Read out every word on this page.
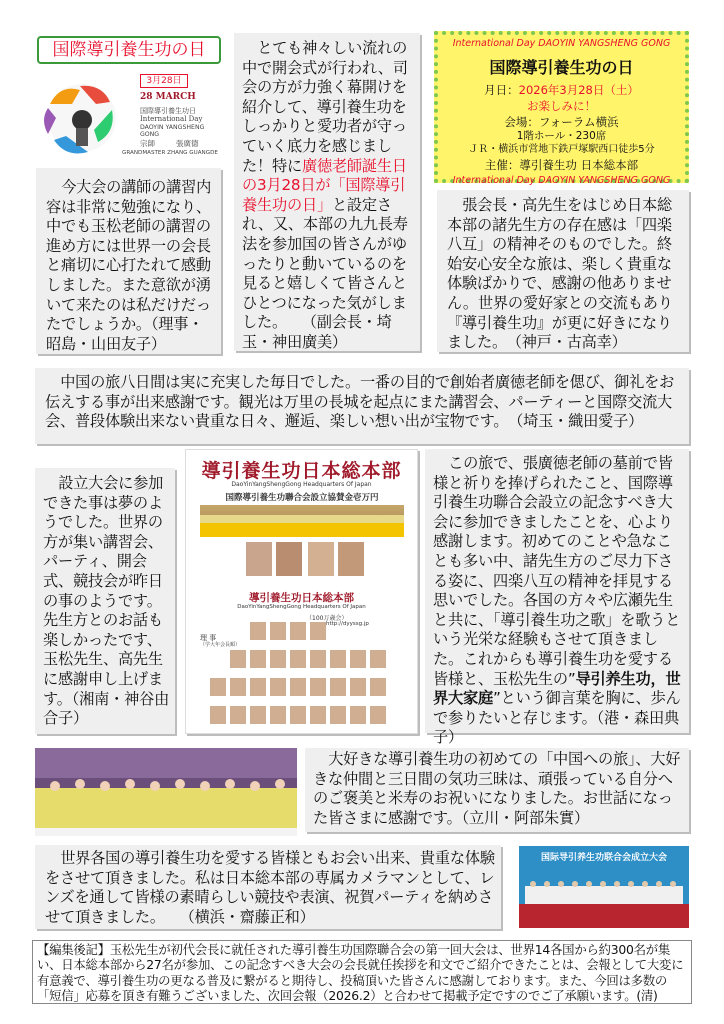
国際導引養生功の日
3月28日
28 MARCH
国際導引養生功日
International Day
DAOYIN YANGSHENG GONG
宗師	張廣德
GRANDMASTER ZHANG GUANGDE

今大会の講師の講習内容は非常に勉強になり、中でも玉松老師の講習の進め方には世界一の会長と痛切に心打たれて感動しました。また意欲が湧いて来たのは私だけだったでしょうか。（理事・昭島・山田友子）

とても神々しい流れの中で開会式が行われ、司会の方が力強く幕開けを紹介して、導引養生功をしっかりと愛功者が守っていく底力を感じました！特に廣徳老師誕生日の3月28日が「国際導引養生功の日」と設定され、又、本部の九九長寿法を参加国の皆さんがゆったりと動いているのを見ると嬉しくて皆さんとひとつになった気がしました。　　（副会長・埼玉・神田廣美）

International Day DAOYIN YANGSHENG GONG
国際導引養生功の日

月日：2026年3月28日（土）

お楽しみに！

会場：フォーラム横浜

1階ホール・230席

ＪＲ・横浜市営地下鉄戸塚駅西口徒歩5分

主催：導引養生功 日本総本部

International Day DAOYIN YANGSHENG GONG

張会長・高先生をはじめ日本総本部の諸先生方の存在感は「四楽八互」の精神そのものでした。終始安心安全な旅は、楽しく貴重な体験ばかりで、感謝の他ありません。世界の愛好家との交流もあり『導引養生功』が更に好きになりました。　（神戸・古高幸）

中国の旅八日間は実に充実した毎日でした。一番の目的で創始者廣徳老師を偲び、御礼をお伝えする事が出来感謝です。観光は万里の長城を起点にまた講習会、パーティーと国際交流大会、普段体験出来ない貴重な日々、邂逅、楽しい想い出が宝物です。　（埼玉・織田愛子）

設立大会に参加できた事は夢のようでした。世界の方が集い講習会、パーティ、開会式、競技会が昨日の事のようです。先生方とのお話も楽しかったです、玉松先生、高先生に感謝申し上げます。（湘南・神谷由合子）

導引養生功日本総本部
DaoYinYangShengGong Headquarters Of Japan
国際導引養生功聯合会設立協賛金壱万円
導引養生功日本総本部
DaoYinYangShengGong Headquarters Of Japan
（100万歳会）
http://dyyssg.jp
理 事
（学大年会長順）

この旅で、張廣徳老師の墓前で皆様と祈りを捧げられたこと、国際導引養生功聯合会設立の記念すべき大会に参加できましたことを、心より感謝します。初めてのことや急なことも多い中、諸先生方のご尽力下さる姿に、四楽八互の精神を拝見する思いでした。各国の方々や広瀬先生と共に、「導引養生功之歌」を歌うという光栄な経験もさせて頂きました。これからも導引養生功を愛する皆様と、玉松先生の”导引养生功，世界大家庭”という御言葉を胸に、歩んで参りたいと存じます。（港・森田典子）

大好きな導引養生功の初めての「中国への旅」、大好きな仲間と三日間の気功三昧は、頑張っている自分へのご褒美と米寿のお祝いになりました。お世話になった皆さまに感謝です。（立川・阿部朱實）

世界各国の導引養生功を愛する皆様ともお会い出来、貴重な体験をさせて頂きました。私は日本総本部の専属カメラマンとして、レンズを通して皆様の素晴らしい競技や表演、祝賀パーティを納めさせて頂きました。　　（横浜・齋藤正和）

国际导引养生功联合会成立大会

【編集後記】玉松先生が初代会長に就任された導引養生功国際聯合会の第一回大会は、世界14各国から約300名が集い、日本総本部から27名が参加、この記念すべき大会の会長就任挨拶を和文でご紹介できたことは、会報として大変に有意義で、導引養生功の更なる普及に繋がると期待し、投稿頂いた皆さんに感謝しております。また、今回は多数の「短信」応募を頂き有難うございました、次回会報（2026.2）と合わせて掲載予定ですのでご了承願います。(清)
